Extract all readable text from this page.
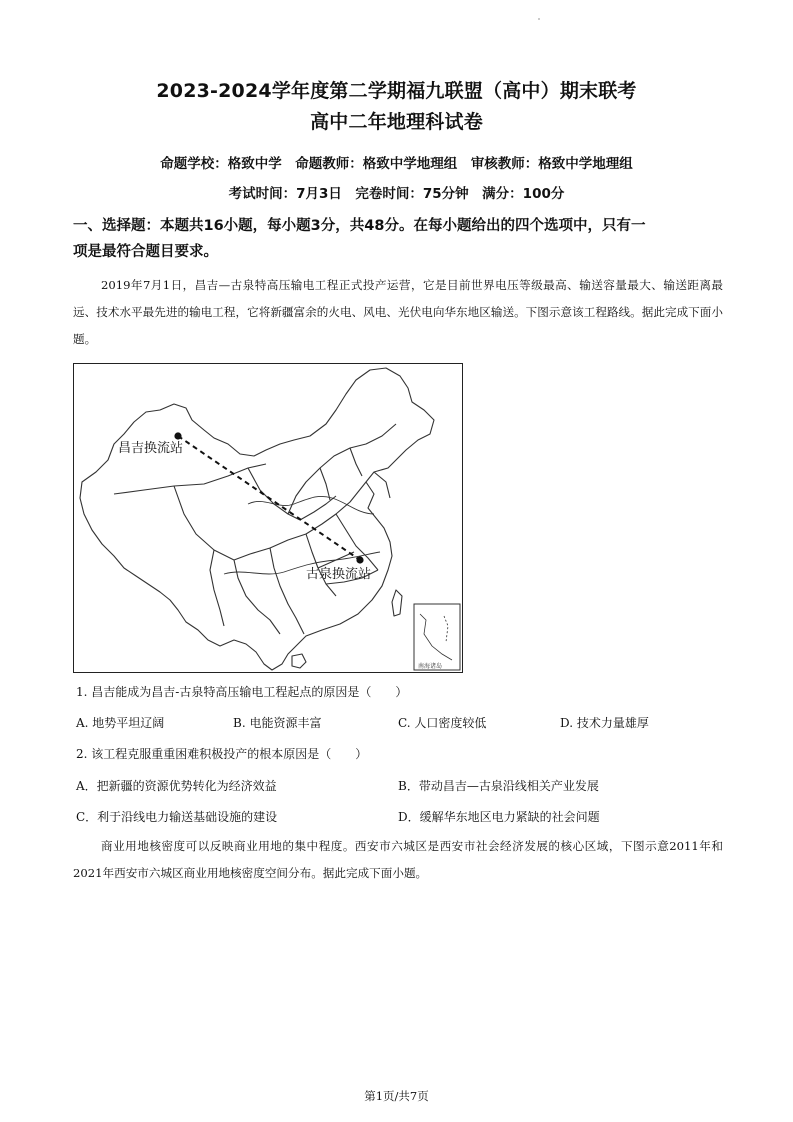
2023-2024学年度第二学期福九联盟（高中）期末联考
高中二年地理科试卷
命题学校：格致中学　命题教师：格致中学地理组　审核教师：格致中学地理组
考试时间：7月3日　完卷时间：75分钟　满分：100分
一、选择题：本题共16小题，每小题3分，共48分。在每小题给出的四个选项中，只有一
项是最符合题目要求。
2019年7月1日，昌吉—古泉特高压输电工程正式投产运营，它是目前世界电压等级最高、输送容量最大、输送距离最远、技术水平最先进的输电工程，它将新疆富余的火电、风电、光伏电向华东地区输送。下图示意该工程路线。据此完成下面小题。
南海诸岛
昌吉换流站
古泉换流站
1. 昌吉能成为昌吉-古泉特高压输电工程起点的原因是（　　）
A. 地势平坦辽阔	B. 电能资源丰富	C. 人口密度较低	D. 技术力量雄厚
2. 该工程克服重重困难积极投产的根本原因是（　　）
A．把新疆的资源优势转化为经济效益	B．带动昌吉—古泉沿线相关产业发展
C．利于沿线电力输送基础设施的建设	D．缓解华东地区电力紧缺的社会问题
商业用地核密度可以反映商业用地的集中程度。西安市六城区是西安市社会经济发展的核心区域，下图示意2011年和2021年西安市六城区商业用地核密度空间分布。据此完成下面小题。
第1页/共7页
